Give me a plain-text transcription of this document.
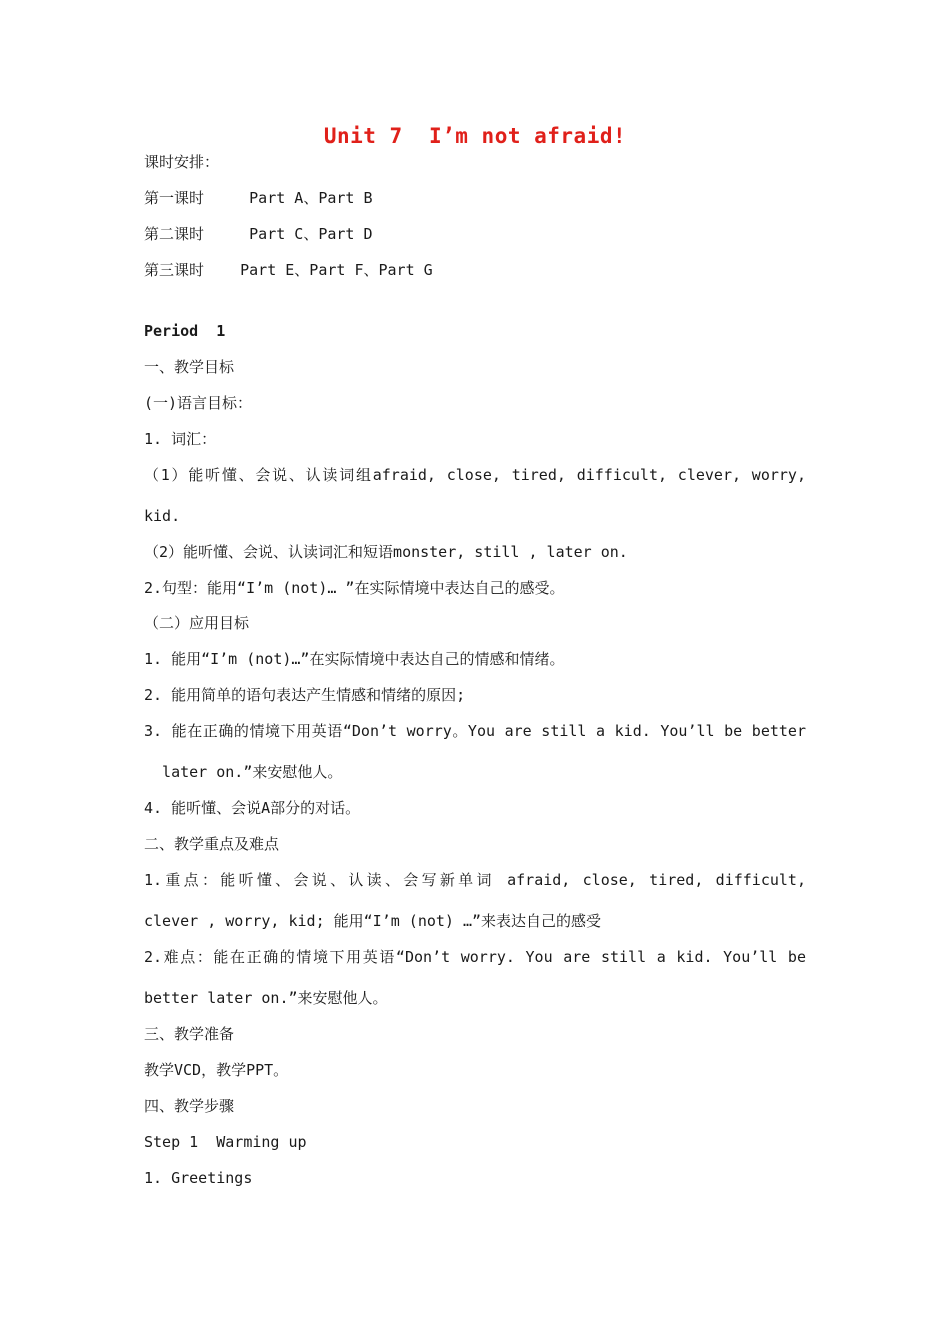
Unit 7  I’m not afraid!
课时安排：
第一课时     Part A、Part B
第二课时     Part C、Part D
第三课时    Part E、Part F、Part G
Period  1
一、教学目标
(一)语言目标：
1. 词汇：
（1）能听懂、会说、认读词组afraid, close, tired, difficult, clever, worry,
kid.
（2）能听懂、会说、认读词汇和短语monster, still , later on.
2.句型：能用“I’m (not)… ”在实际情境中表达自己的感受。
（二）应用目标
1. 能用“I’m (not)…”在实际情境中表达自己的情感和情绪。
2. 能用简单的语句表达产生情感和情绪的原因;
3. 能在正确的情境下用英语“Don’t worry。You are still a kid. You’ll be better
later on.”来安慰他人。
4. 能听懂、会说A部分的对话。
二、教学重点及难点
1.重点：能听懂、会说、认读、会写新单词 afraid, close, tired, difficult,
clever , worry, kid; 能用“I’m (not) …”来表达自己的感受
2.难点：能在正确的情境下用英语“Don’t worry. You are still a kid. You’ll be
better later on.”来安慰他人。
三、教学准备
教学VCD，教学PPT。
四、教学步骤
Step 1  Warming up
1. Greetings
